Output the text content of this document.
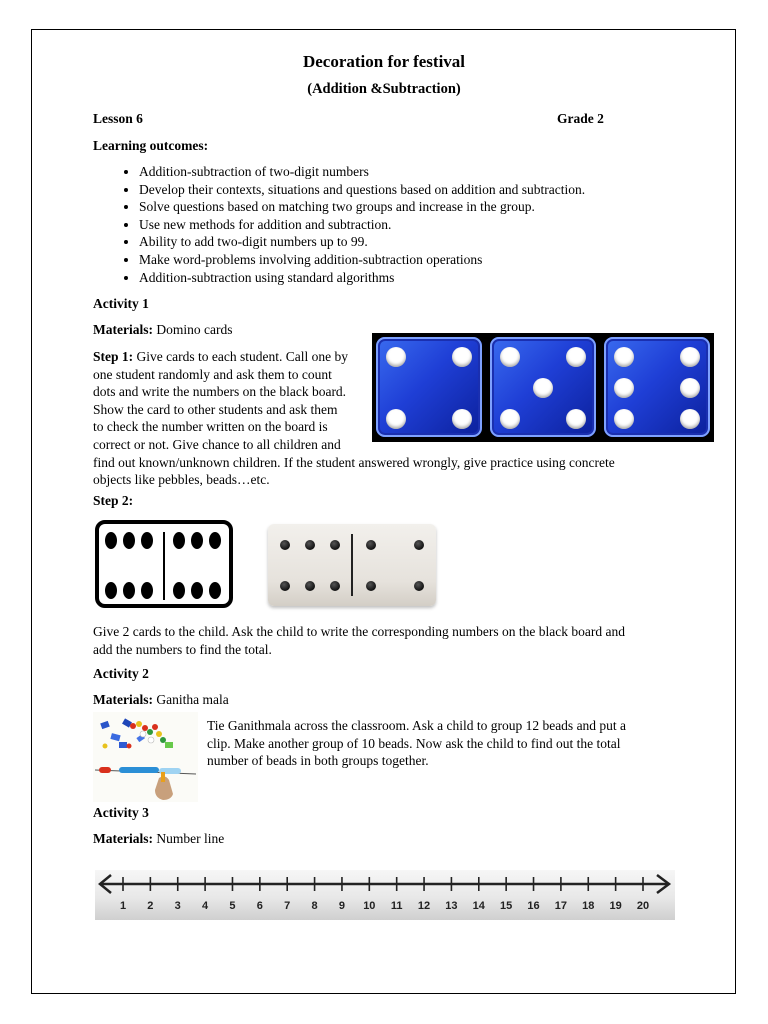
Decoration for festival
(Addition &Subtraction)
Lesson 6	Grade 2
Learning outcomes:
• Addition-subtraction of two-digit numbers
• Develop their contexts, situations and questions based on addition and subtraction.
• Solve questions based on matching two groups and increase in the group.
• Use new methods for addition and subtraction.
• Ability to add two-digit numbers up to 99.
• Make word-problems involving addition-subtraction operations
• Addition-subtraction using standard algorithms
Activity 1
Materials: Domino cards
Step 1: Give cards to each student. Call one by
one student randomly and ask them to count
dots and write the numbers on the black board.
Show the card to other students and ask them
to check the number written on the board is
correct or not. Give chance to all children and
find out known/unknown children. If the student answered wrongly, give practice using concrete
objects like pebbles, beads…etc.
Step 2:
Give 2 cards to the child. Ask the child to write the corresponding numbers on the black board and
add the numbers to find the total.
Activity 2
Materials: Ganitha mala
Tie Ganithmala across the classroom. Ask a child to group 12 beads and put a
clip. Make another group of 10 beads. Now ask the child to find out the total
number of beads in both groups together.
Activity 3
Materials: Number line
1 2 3 4 5 6 7 8 9 10 11 12 13 14 15 16 17 18 19 20
